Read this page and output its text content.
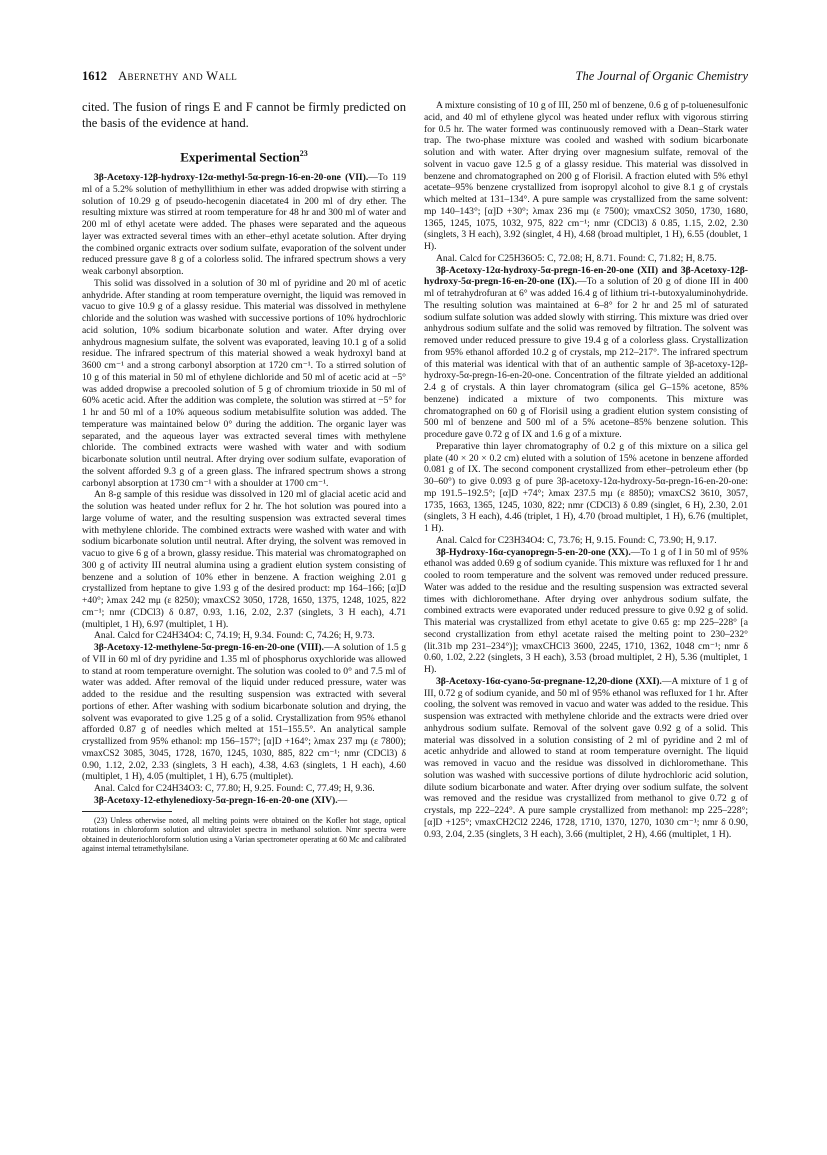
1612 Abernethy and Wall	The Journal of Organic Chemistry

cited. The fusion of rings E and F cannot be firmly predicted on the basis of the evidence at hand.

Experimental Section$^{23}$

3β-Acetoxy-12β-hydroxy-12α-methyl-5α-pregn-16-en-20-one (VII).—To 119 ml of a 5.2% solution of methyllithium in ether was added dropwise with stirring a solution of 10.29 g of pseudo-hecogenin diacetate4 in 200 ml of dry ether. The resulting mixture was stirred at room temperature for 48 hr and 300 ml of water and 200 ml of ethyl acetate were added. The phases were separated and the aqueous layer was extracted several times with an ether–ethyl acetate solution. After drying the combined organic extracts over sodium sulfate, evaporation of the solvent under reduced pressure gave 8 g of a colorless solid. The infrared spectrum shows a very weak carbonyl absorption.

This solid was dissolved in a solution of 30 ml of pyridine and 20 ml of acetic anhydride. After standing at room temperature overnight, the liquid was removed in vacuo to give 10.9 g of a glassy residue. This material was dissolved in methylene chloride and the solution was washed with successive portions of 10% hydrochloric acid solution, 10% sodium bicarbonate solution and water. After drying over anhydrous magnesium sulfate, the solvent was evaporated, leaving 10.1 g of a solid residue. The infrared spectrum of this material showed a weak hydroxyl band at 3600 cm⁻¹ and a strong carbonyl absorption at 1720 cm⁻¹. To a stirred solution of 10 g of this material in 50 ml of ethylene dichloride and 50 ml of acetic acid at −5° was added dropwise a precooled solution of 5 g of chromium trioxide in 50 ml of 60% acetic acid. After the addition was complete, the solution was stirred at −5° for 1 hr and 50 ml of a 10% aqueous sodium metabisulfite solution was added. The temperature was maintained below 0° during the addition. The organic layer was separated, and the aqueous layer was extracted several times with methylene chloride. The combined extracts were washed with water and with sodium bicarbonate solution until neutral. After drying over sodium sulfate, evaporation of the solvent afforded 9.3 g of a green glass. The infrared spectrum shows a strong carbonyl absorption at 1730 cm⁻¹ with a shoulder at 1700 cm⁻¹.

An 8-g sample of this residue was dissolved in 120 ml of glacial acetic acid and the solution was heated under reflux for 2 hr. The hot solution was poured into a large volume of water, and the resulting suspension was extracted several times with methylene chloride. The combined extracts were washed with water and with sodium bicarbonate solution until neutral. After drying, the solvent was removed in vacuo to give 6 g of a brown, glassy residue. This material was chromatographed on 300 g of activity III neutral alumina using a gradient elution system consisting of benzene and a solution of 10% ether in benzene. A fraction weighing 2.01 g crystallized from heptane to give 1.93 g of the desired product: mp 164–166; [α]D +40°; λmax 242 mμ (ε 8250); νmaxCS2 3050, 1728, 1650, 1375, 1248, 1025, 822 cm⁻¹; nmr (CDCl3) δ 0.87, 0.93, 1.16, 2.02, 2.37 (singlets, 3 H each), 4.71 (multiplet, 1 H), 6.97 (multiplet, 1 H).

Anal. Calcd for C24H34O4: C, 74.19; H, 9.34. Found: C, 74.26; H, 9.73.

3β-Acetoxy-12-methylene-5α-pregn-16-en-20-one (VIII).—A solution of 1.5 g of VII in 60 ml of dry pyridine and 1.35 ml of phosphorus oxychloride was allowed to stand at room temperature overnight. The solution was cooled to 0° and 7.5 ml of water was added. After removal of the liquid under reduced pressure, water was added to the residue and the resulting suspension was extracted with several portions of ether. After washing with sodium bicarbonate solution and drying, the solvent was evaporated to give 1.25 g of a solid. Crystallization from 95% ethanol afforded 0.87 g of needles which melted at 151–155.5°. An analytical sample crystallized from 95% ethanol: mp 156–157°; [α]D +164°; λmax 237 mμ (ε 7800); νmaxCS2 3085, 3045, 1728, 1670, 1245, 1030, 885, 822 cm⁻¹; nmr (CDCl3) δ 0.90, 1.12, 2.02, 2.33 (singlets, 3 H each), 4.38, 4.63 (singlets, 1 H each), 4.60 (multiplet, 1 H), 4.05 (multiplet, 1 H), 6.75 (multiplet).

Anal. Calcd for C24H34O3: C, 77.80; H, 9.25. Found: C, 77.49; H, 9.36.

3β-Acetoxy-12-ethylenedioxy-5α-pregn-16-en-20-one (XIV).—

(23) Unless otherwise noted, all melting points were obtained on the Kofler hot stage, optical rotations in chloroform solution and ultraviolet spectra in methanol solution. Nmr spectra were obtained in deuteriochloroform solution using a Varian spectrometer operating at 60 Mc and calibrated against internal tetramethylsilane.

A mixture consisting of 10 g of III, 250 ml of benzene, 0.6 g of p-toluenesulfonic acid, and 40 ml of ethylene glycol was heated under reflux with vigorous stirring for 0.5 hr. The water formed was continuously removed with a Dean–Stark water trap. The two-phase mixture was cooled and washed with sodium bicarbonate solution and with water. After drying over magnesium sulfate, removal of the solvent in vacuo gave 12.5 g of a glassy residue. This material was dissolved in benzene and chromatographed on 200 g of Florisil. A fraction eluted with 5% ethyl acetate–95% benzene crystallized from isopropyl alcohol to give 8.1 g of crystals which melted at 131–134°. A pure sample was crystallized from the same solvent: mp 140–143°; [α]D +30°; λmax 236 mμ (ε 7500); νmaxCS2 3050, 1730, 1680, 1365, 1245, 1075, 1032, 975, 822 cm⁻¹; nmr (CDCl3) δ 0.85, 1.15, 2.02, 2.30 (singlets, 3 H each), 3.92 (singlet, 4 H), 4.68 (broad multiplet, 1 H), 6.55 (doublet, 1 H).

Anal. Calcd for C25H36O5: C, 72.08; H, 8.71. Found: C, 71.82; H, 8.75.

3β-Acetoxy-12α-hydroxy-5α-pregn-16-en-20-one (XII) and 3β-Acetoxy-12β-hydroxy-5α-pregn-16-en-20-one (IX).—To a solution of 20 g of dione III in 400 ml of tetrahydrofuran at 6° was added 16.4 g of lithium tri-t-butoxyaluminohydride. The resulting solution was maintained at 6–8° for 2 hr and 25 ml of saturated sodium sulfate solution was added slowly with stirring. This mixture was dried over anhydrous sodium sulfate and the solid was removed by filtration. The solvent was removed under reduced pressure to give 19.4 g of a colorless glass. Crystallization from 95% ethanol afforded 10.2 g of crystals, mp 212–217°. The infrared spectrum of this material was identical with that of an authentic sample of 3β-acetoxy-12β-hydroxy-5α-pregn-16-en-20-one. Concentration of the filtrate yielded an additional 2.4 g of crystals. A thin layer chromatogram (silica gel G–15% acetone, 85% benzene) indicated a mixture of two components. This mixture was chromatographed on 60 g of Florisil using a gradient elution system consisting of 500 ml of benzene and 500 ml of a 5% acetone–85% benzene solution. This procedure gave 0.72 g of IX and 1.6 g of a mixture.

Preparative thin layer chromatography of 0.2 g of this mixture on a silica gel plate (40 × 20 × 0.2 cm) eluted with a solution of 15% acetone in benzene afforded 0.081 g of IX. The second component crystallized from ether–petroleum ether (bp 30–60°) to give 0.093 g of pure 3β-acetoxy-12α-hydroxy-5α-pregn-16-en-20-one: mp 191.5–192.5°; [α]D +74°; λmax 237.5 mμ (ε 8850); νmaxCS2 3610, 3057, 1735, 1663, 1365, 1245, 1030, 822; nmr (CDCl3) δ 0.89 (singlet, 6 H), 2.30, 2.01 (singlets, 3 H each), 4.46 (triplet, 1 H), 4.70 (broad multiplet, 1 H), 6.76 (multiplet, 1 H).

Anal. Calcd for C23H34O4: C, 73.76; H, 9.15. Found: C, 73.90; H, 9.17.

3β-Hydroxy-16α-cyanopregn-5-en-20-one (XX).—To 1 g of I in 50 ml of 95% ethanol was added 0.69 g of sodium cyanide. This mixture was refluxed for 1 hr and cooled to room temperature and the solvent was removed under reduced pressure. Water was added to the residue and the resulting suspension was extracted several times with dichloromethane. After drying over anhydrous sodium sulfate, the combined extracts were evaporated under reduced pressure to give 0.92 g of solid. This material was crystallized from ethyl acetate to give 0.65 g: mp 225–228° [a second crystallization from ethyl acetate raised the melting point to 230–232° (lit.31b mp 231–234°)]; νmaxCHCl3 3600, 2245, 1710, 1362, 1048 cm⁻¹; nmr δ 0.60, 1.02, 2.22 (singlets, 3 H each), 3.53 (broad multiplet, 2 H), 5.36 (multiplet, 1 H).

3β-Acetoxy-16α-cyano-5α-pregnane-12,20-dione (XXI).—A mixture of 1 g of III, 0.72 g of sodium cyanide, and 50 ml of 95% ethanol was refluxed for 1 hr. After cooling, the solvent was removed in vacuo and water was added to the residue. This suspension was extracted with methylene chloride and the extracts were dried over anhydrous sodium sulfate. Removal of the solvent gave 0.92 g of a solid. This material was dissolved in a solution consisting of 2 ml of pyridine and 2 ml of acetic anhydride and allowed to stand at room temperature overnight. The liquid was removed in vacuo and the residue was dissolved in dichloromethane. This solution was washed with successive portions of dilute hydrochloric acid solution, dilute sodium bicarbonate and water. After drying over sodium sulfate, the solvent was removed and the residue was crystallized from methanol to give 0.72 g of crystals, mp 222–224°. A pure sample crystallized from methanol: mp 225–228°; [α]D +125°; νmaxCH2Cl2 2246, 1728, 1710, 1370, 1270, 1030 cm⁻¹; nmr δ 0.90, 0.93, 2.04, 2.35 (singlets, 3 H each), 3.66 (multiplet, 2 H), 4.66 (multiplet, 1 H).
